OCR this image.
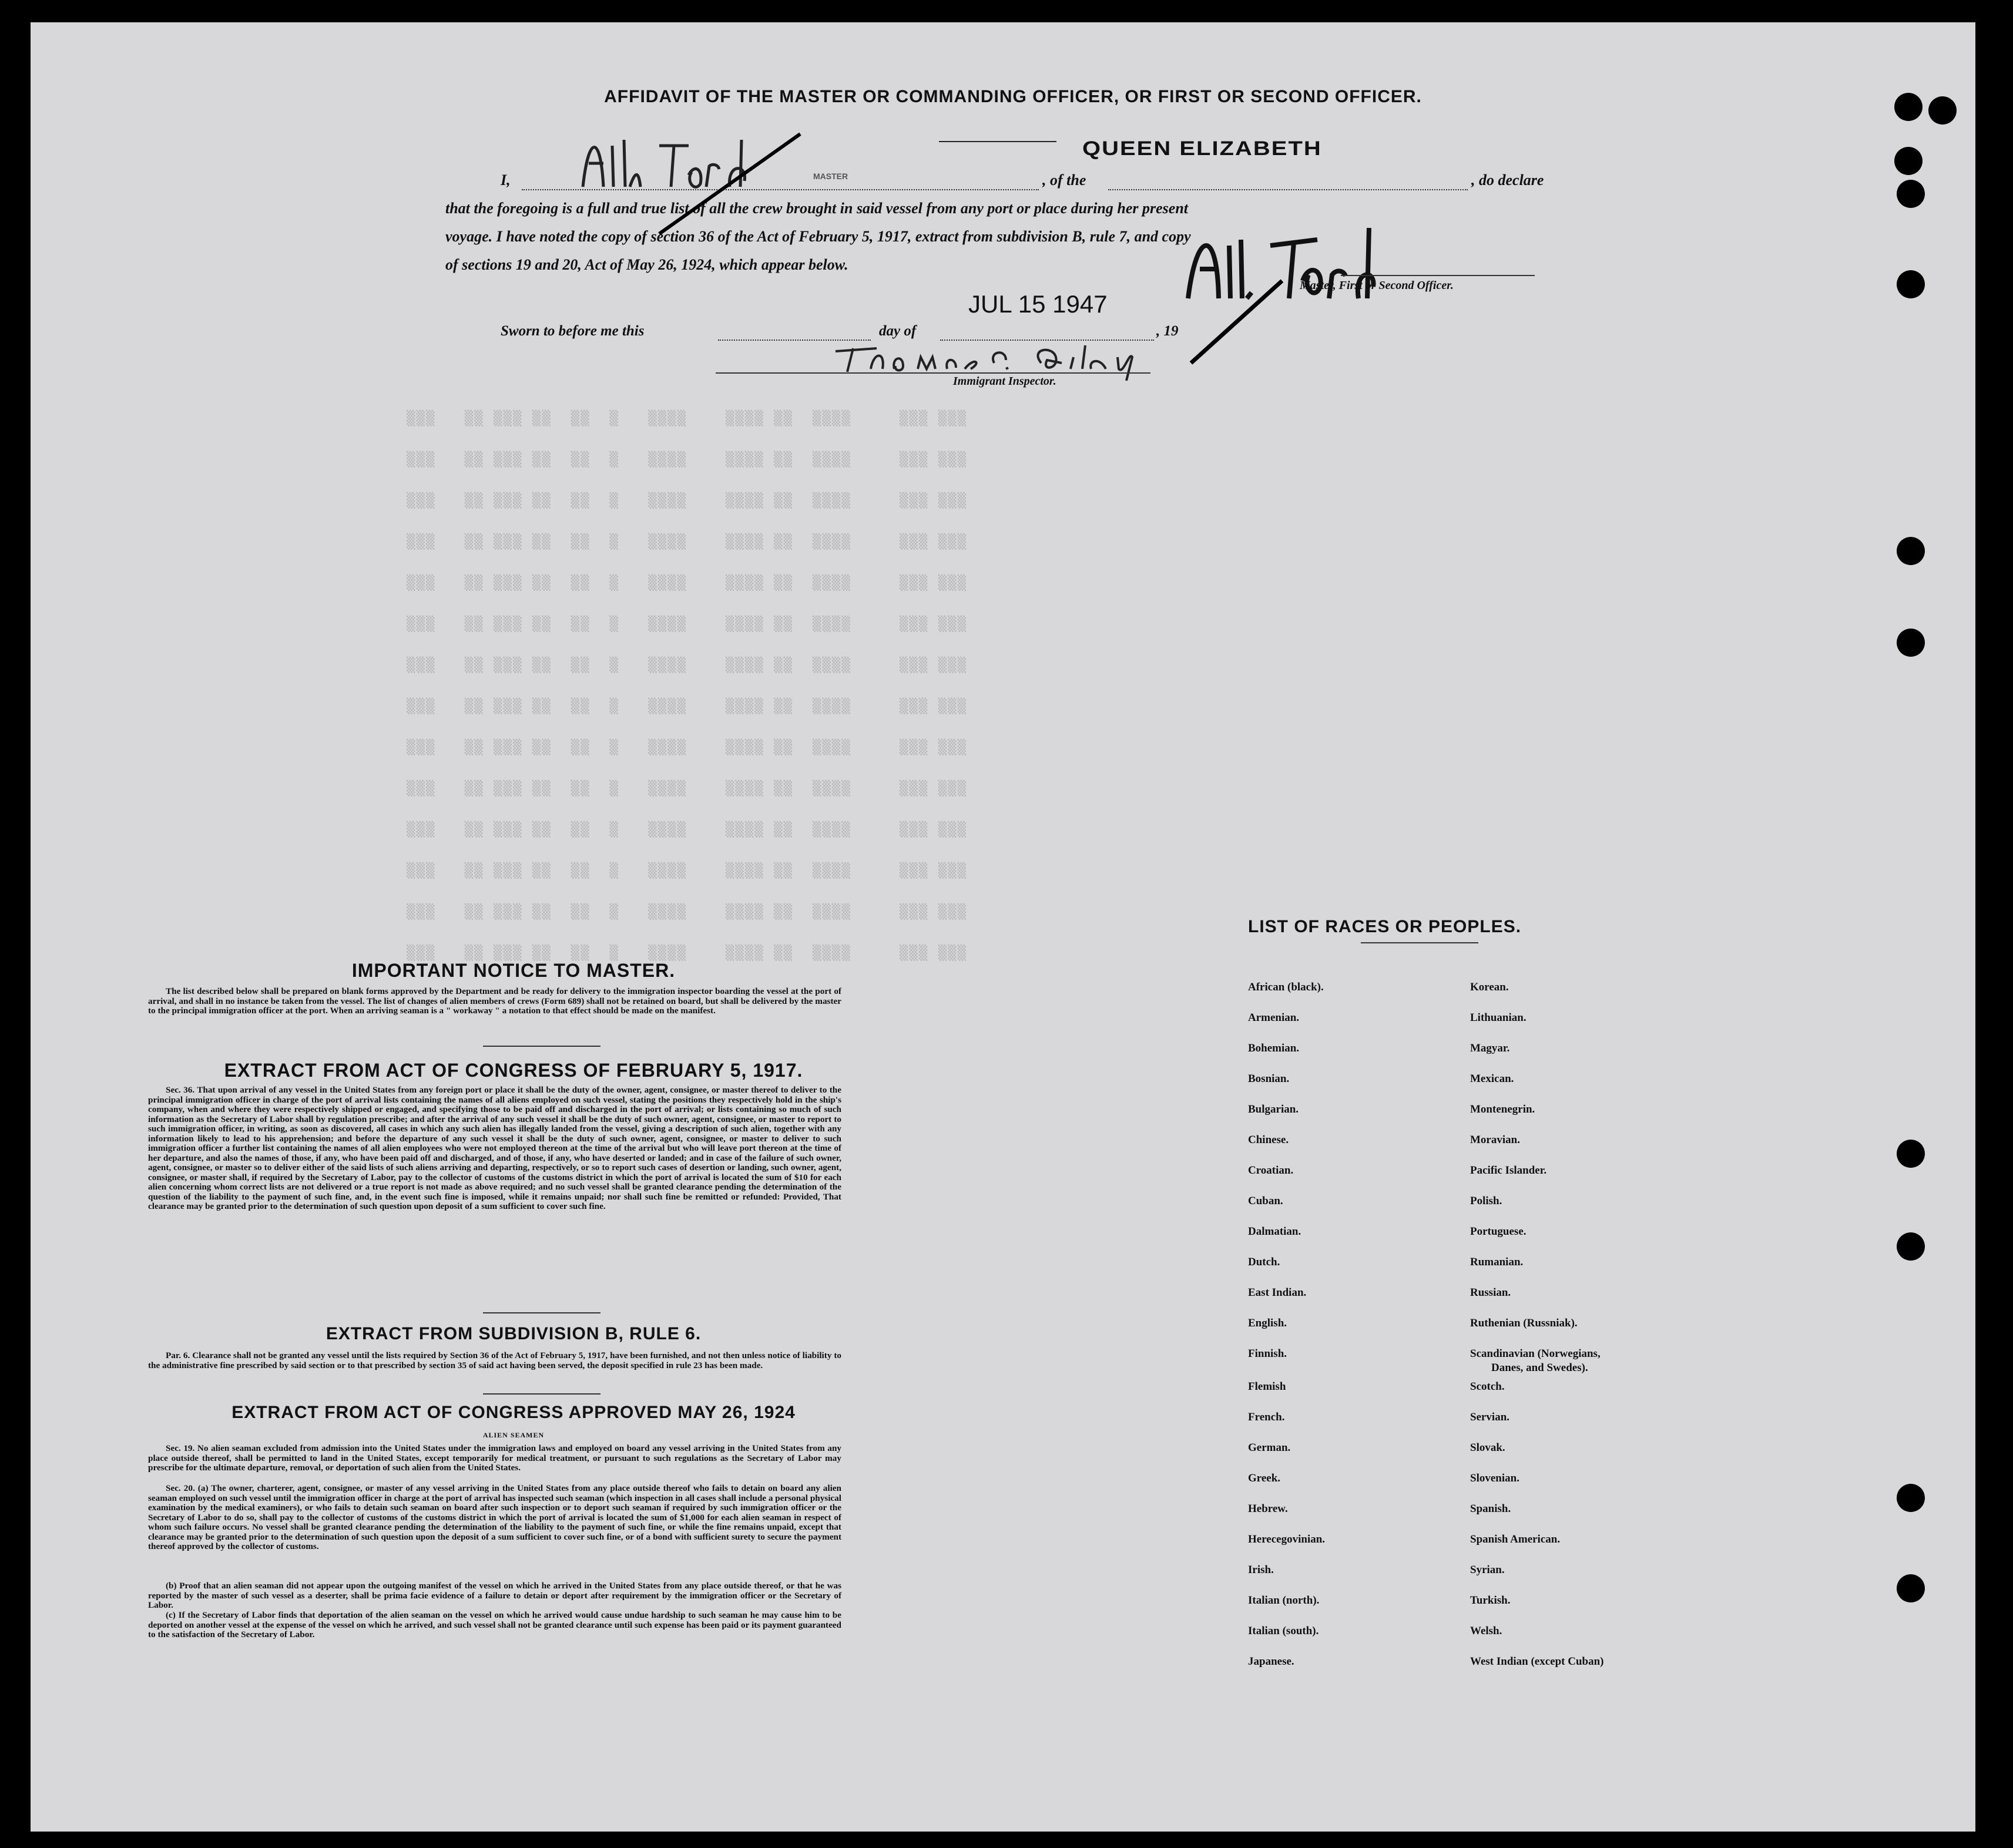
▒▒▒   ▒▒ ▒▒▒ ▒▒  ▒▒  ▒   ▒▒▒▒    ▒▒▒▒ ▒▒  ▒▒▒▒     ▒▒▒ ▒▒▒
▒▒▒   ▒▒ ▒▒▒ ▒▒  ▒▒  ▒   ▒▒▒▒    ▒▒▒▒ ▒▒  ▒▒▒▒     ▒▒▒ ▒▒▒
▒▒▒   ▒▒ ▒▒▒ ▒▒  ▒▒  ▒   ▒▒▒▒    ▒▒▒▒ ▒▒  ▒▒▒▒     ▒▒▒ ▒▒▒
▒▒▒   ▒▒ ▒▒▒ ▒▒  ▒▒  ▒   ▒▒▒▒    ▒▒▒▒ ▒▒  ▒▒▒▒     ▒▒▒ ▒▒▒
▒▒▒   ▒▒ ▒▒▒ ▒▒  ▒▒  ▒   ▒▒▒▒    ▒▒▒▒ ▒▒  ▒▒▒▒     ▒▒▒ ▒▒▒
▒▒▒   ▒▒ ▒▒▒ ▒▒  ▒▒  ▒   ▒▒▒▒    ▒▒▒▒ ▒▒  ▒▒▒▒     ▒▒▒ ▒▒▒
▒▒▒   ▒▒ ▒▒▒ ▒▒  ▒▒  ▒   ▒▒▒▒    ▒▒▒▒ ▒▒  ▒▒▒▒     ▒▒▒ ▒▒▒
▒▒▒   ▒▒ ▒▒▒ ▒▒  ▒▒  ▒   ▒▒▒▒    ▒▒▒▒ ▒▒  ▒▒▒▒     ▒▒▒ ▒▒▒
▒▒▒   ▒▒ ▒▒▒ ▒▒  ▒▒  ▒   ▒▒▒▒    ▒▒▒▒ ▒▒  ▒▒▒▒     ▒▒▒ ▒▒▒
▒▒▒   ▒▒ ▒▒▒ ▒▒  ▒▒  ▒   ▒▒▒▒    ▒▒▒▒ ▒▒  ▒▒▒▒     ▒▒▒ ▒▒▒
▒▒▒   ▒▒ ▒▒▒ ▒▒  ▒▒  ▒   ▒▒▒▒    ▒▒▒▒ ▒▒  ▒▒▒▒     ▒▒▒ ▒▒▒
▒▒▒   ▒▒ ▒▒▒ ▒▒  ▒▒  ▒   ▒▒▒▒    ▒▒▒▒ ▒▒  ▒▒▒▒     ▒▒▒ ▒▒▒
▒▒▒   ▒▒ ▒▒▒ ▒▒  ▒▒  ▒   ▒▒▒▒    ▒▒▒▒ ▒▒  ▒▒▒▒     ▒▒▒ ▒▒▒
▒▒▒   ▒▒ ▒▒▒ ▒▒  ▒▒  ▒   ▒▒▒▒    ▒▒▒▒ ▒▒  ▒▒▒▒     ▒▒▒ ▒▒▒
AFFIDAVIT OF THE MASTER OR COMMANDING OFFICER, OR FIRST OR SECOND OFFICER.
I,	MASTER	, of the
QUEEN ELIZABETH
, do declare
that the foregoing is a full and true list of all the crew brought in said vessel from any port or place during her present
voyage. I have noted the copy of section 36 of the Act of February 5, 1917, extract from subdivision B, rule 7, and copy
of sections 19 and 20, Act of May 26, 1924, which appear below.
Master, First or Second Officer.
JUL 15 1947
Sworn to before me this	day of	, 19
Immigrant Inspector.
IMPORTANT NOTICE TO MASTER.
The list described below shall be prepared on blank forms approved by the Department and be ready for delivery to the immigration inspector boarding the vessel at the port of arrival, and shall in no instance be taken from the vessel. The list of changes of alien members of crews (Form 689) shall not be retained on board, but shall be delivered by the master to the principal immigration officer at the port. When an arriving seaman is a " workaway " a notation to that effect should be made on the manifest.
EXTRACT FROM ACT OF CONGRESS OF FEBRUARY 5, 1917.
Sec. 36. That upon arrival of any vessel in the United States from any foreign port or place it shall be the duty of the owner, agent, consignee, or master thereof to deliver to the principal immigration officer in charge of the port of arrival lists containing the names of all aliens employed on such vessel, stating the positions they respectively hold in the ship's company, when and where they were respectively shipped or engaged, and specifying those to be paid off and discharged in the port of arrival; or lists containing so much of such information as the Secretary of Labor shall by regulation prescribe; and after the arrival of any such vessel it shall be the duty of such owner, agent, consignee, or master to report to such immigration officer, in writing, as soon as discovered, all cases in which any such alien has illegally landed from the vessel, giving a description of such alien, together with any information likely to lead to his apprehension; and before the departure of any such vessel it shall be the duty of such owner, agent, consignee, or master to deliver to such immigration officer a further list containing the names of all alien employees who were not employed thereon at the time of the arrival but who will leave port thereon at the time of her departure, and also the names of those, if any, who have been paid off and discharged, and of those, if any, who have deserted or landed; and in case of the failure of such owner, agent, consignee, or master so to deliver either of the said lists of such aliens arriving and departing, respectively, or so to report such cases of desertion or landing, such owner, agent, consignee, or master shall, if required by the Secretary of Labor, pay to the collector of customs of the customs district in which the port of arrival is located the sum of $10 for each alien concerning whom correct lists are not delivered or a true report is not made as above required; and no such vessel shall be granted clearance pending the determination of the question of the liability to the payment of such fine, and, in the event such fine is imposed, while it remains unpaid; nor shall such fine be remitted or refunded: Provided, That clearance may be granted prior to the determination of such question upon deposit of a sum sufficient to cover such fine.
EXTRACT FROM SUBDIVISION B, RULE 6.
Par. 6. Clearance shall not be granted any vessel until the lists required by Section 36 of the Act of February 5, 1917, have been furnished, and not then unless notice of liability to the administrative fine prescribed by said section or to that prescribed by section 35 of said act having been served, the deposit specified in rule 23 has been made.
EXTRACT FROM ACT OF CONGRESS APPROVED MAY 26, 1924
ALIEN SEAMEN
Sec. 19. No alien seaman excluded from admission into the United States under the immigration laws and employed on board any vessel arriving in the United States from any place outside thereof, shall be permitted to land in the United States, except temporarily for medical treatment, or pursuant to such regulations as the Secretary of Labor may prescribe for the ultimate departure, removal, or deportation of such alien from the United States.
Sec. 20. (a) The owner, charterer, agent, consignee, or master of any vessel arriving in the United States from any place outside thereof who fails to detain on board any alien seaman employed on such vessel until the immigration officer in charge at the port of arrival has inspected such seaman (which inspection in all cases shall include a personal physical examination by the medical examiners), or who fails to detain such seaman on board after such inspection or to deport such seaman if required by such immigration officer or the Secretary of Labor to do so, shall pay to the collector of customs of the customs district in which the port of arrival is located the sum of $1,000 for each alien seaman in respect of whom such failure occurs. No vessel shall be granted clearance pending the determination of the liability to the payment of such fine, or while the fine remains unpaid, except that clearance may be granted prior to the determination of such question upon the deposit of a sum sufficient to cover such fine, or of a bond with sufficient surety to secure the payment thereof approved by the collector of customs.
(b) Proof that an alien seaman did not appear upon the outgoing manifest of the vessel on which he arrived in the United States from any place outside thereof, or that he was reported by the master of such vessel as a deserter, shall be prima facie evidence of a failure to detain or deport after requirement by the immigration officer or the Secretary of Labor.
(c) If the Secretary of Labor finds that deportation of the alien seaman on the vessel on which he arrived would cause undue hardship to such seaman he may cause him to be deported on another vessel at the expense of the vessel on which he arrived, and such vessel shall not be granted clearance until such expense has been paid or its payment guaranteed to the satisfaction of the Secretary of Labor.
LIST OF RACES OR PEOPLES.
African (black).
Armenian.
Bohemian.
Bosnian.
Bulgarian.
Chinese.
Croatian.
Cuban.
Dalmatian.
Dutch.
East Indian.
English.
Finnish.
Flemish
French.
German.
Greek.
Hebrew.
Herecegovinian.
Irish.
Italian (north).
Italian (south).
Japanese.
Korean.
Lithuanian.
Magyar.
Mexican.
Montenegrin.
Moravian.
Pacific Islander.
Polish.
Portuguese.
Rumanian.
Russian.
Ruthenian (Russniak).
Scandinavian (Norwegians,
Danes, and Swedes).
Scotch.
Servian.
Slovak.
Slovenian.
Spanish.
Spanish American.
Syrian.
Turkish.
Welsh.
West Indian (except Cuban)
